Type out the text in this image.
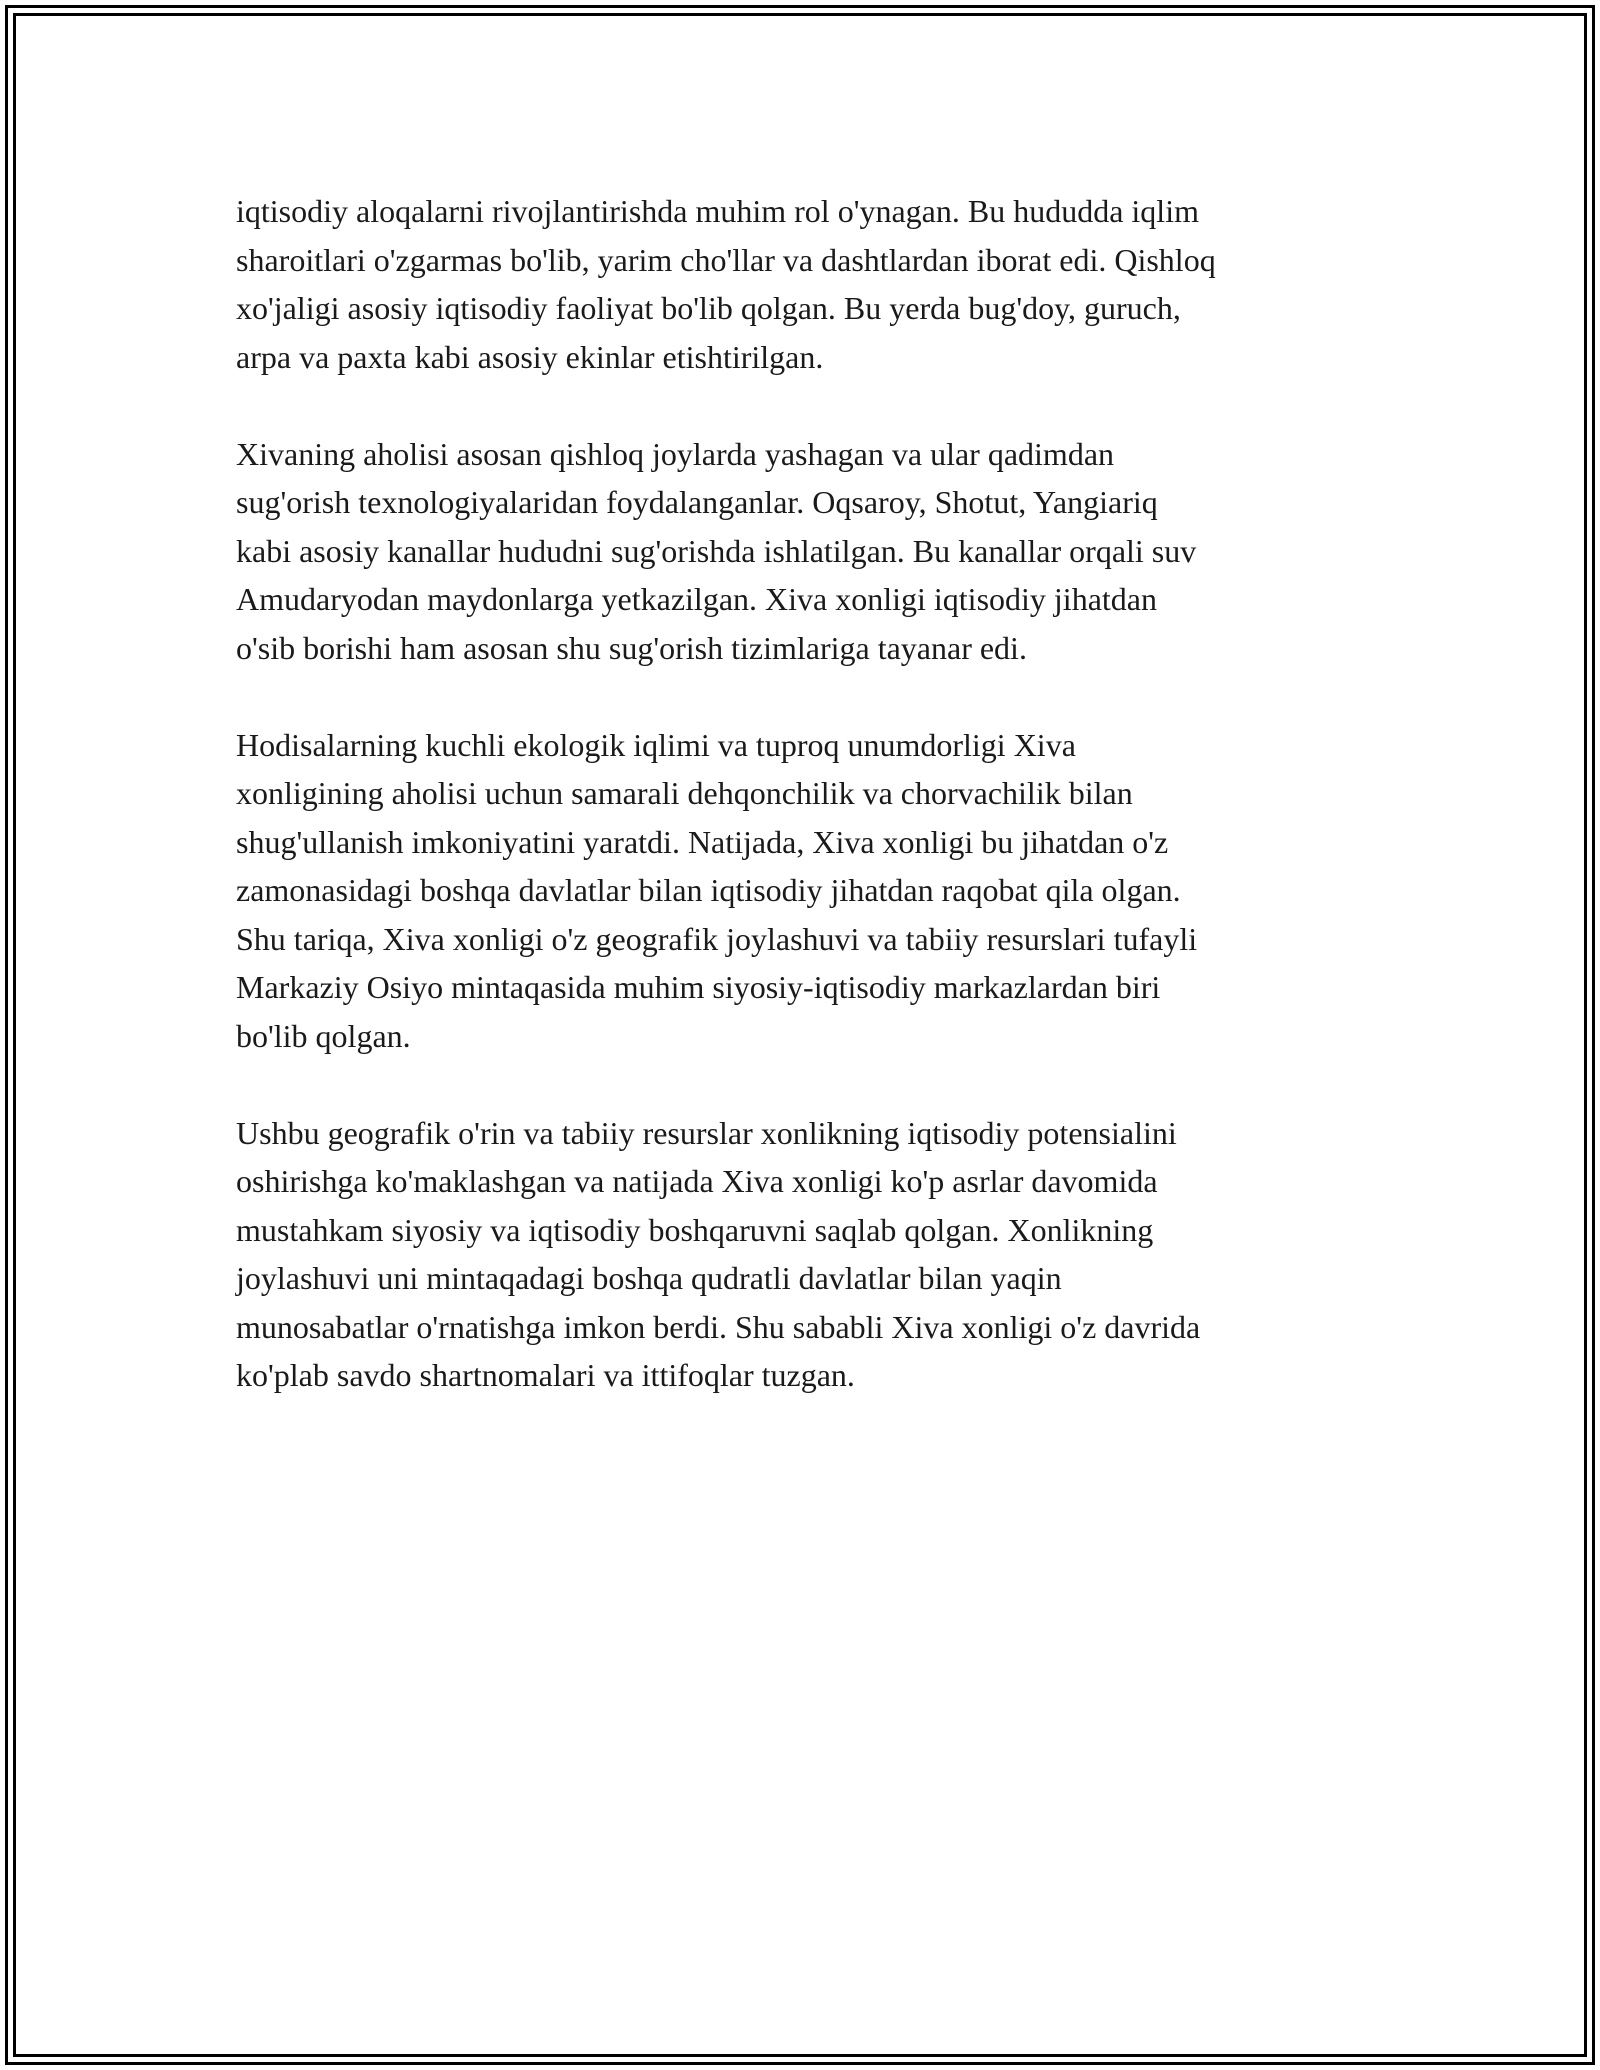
iqtisodiy aloqalarni rivojlantirishda muhim rol o'ynagan. Bu hududda iqlim
sharoitlari o'zgarmas bo'lib, yarim cho'llar va dashtlardan iborat edi. Qishloq
xo'jaligi asosiy iqtisodiy faoliyat bo'lib qolgan. Bu yerda bug'doy, guruch,
arpa va paxta kabi asosiy ekinlar etishtirilgan.

Xivaning aholisi asosan qishloq joylarda yashagan va ular qadimdan
sug'orish texnologiyalaridan foydalanganlar. Oqsaroy, Shotut, Yangiariq
kabi asosiy kanallar hududni sug'orishda ishlatilgan. Bu kanallar orqali suv
Amudaryodan maydonlarga yetkazilgan. Xiva xonligi iqtisodiy jihatdan
o'sib borishi ham asosan shu sug'orish tizimlariga tayanar edi.

Hodisalarning kuchli ekologik iqlimi va tuproq unumdorligi Xiva
xonligining aholisi uchun samarali dehqonchilik va chorvachilik bilan
shug'ullanish imkoniyatini yaratdi. Natijada, Xiva xonligi bu jihatdan o'z
zamonasidagi boshqa davlatlar bilan iqtisodiy jihatdan raqobat qila olgan.
Shu tariqa, Xiva xonligi o'z geografik joylashuvi va tabiiy resurslari tufayli
Markaziy Osiyo mintaqasida muhim siyosiy-iqtisodiy markazlardan biri
bo'lib qolgan.

Ushbu geografik o'rin va tabiiy resurslar xonlikning iqtisodiy potensialini
oshirishga ko'maklashgan va natijada Xiva xonligi ko'p asrlar davomida
mustahkam siyosiy va iqtisodiy boshqaruvni saqlab qolgan. Xonlikning
joylashuvi uni mintaqadagi boshqa qudratli davlatlar bilan yaqin
munosabatlar o'rnatishga imkon berdi. Shu sababli Xiva xonligi o'z davrida
ko'plab savdo shartnomalari va ittifoqlar tuzgan.
